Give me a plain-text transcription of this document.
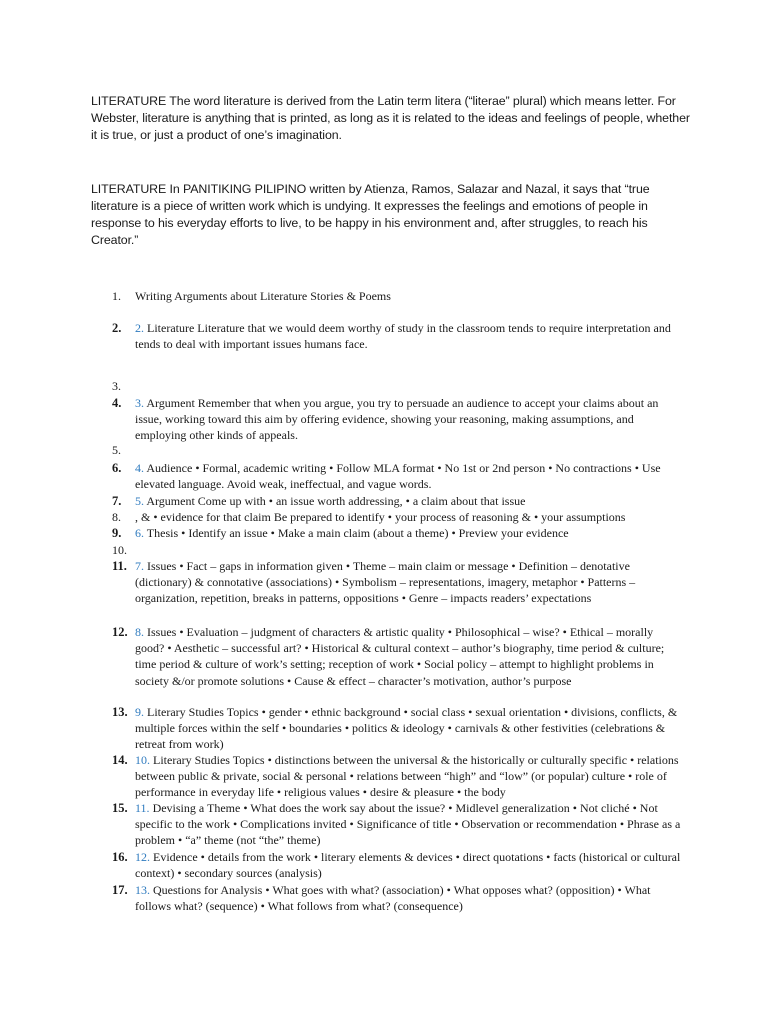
LITERATURE The word literature is derived from the Latin term litera (“literae” plural) which means letter. For Webster, literature is anything that is printed, as long as it is related to the ideas and feelings of people, whether it is true, or just a product of one’s imagination.

LITERATURE In PANITIKING PILIPINO written by Atienza, Ramos, Salazar and Nazal, it says that “true literature is a piece of written work which is undying. It expresses the feelings and emotions of people in response to his everyday efforts to live, to be happy in his environment and, after struggles, to reach his Creator.”

1.	Writing Arguments about Literature Stories & Poems
2.	2. Literature Literature that we would deem worthy of study in the classroom tends to require interpretation and tends to deal with important issues humans face.
3.
4.	3. Argument Remember that when you argue, you try to persuade an audience to accept your claims about an issue, working toward this aim by offering evidence, showing your reasoning, making assumptions, and employing other kinds of appeals.
5.
6.	4. Audience • Formal, academic writing • Follow MLA format • No 1st or 2nd person • No contractions • Use elevated language. Avoid weak, ineffectual, and vague words.
7.	5. Argument Come up with • an issue worth addressing, • a claim about that issue
8.	, & • evidence for that claim Be prepared to identify • your process of reasoning & • your assumptions
9.	6. Thesis • Identify an issue • Make a main claim (about a theme) • Preview your evidence
10.
11. 7. Issues • Fact – gaps in information given • Theme – main claim or message • Definition – denotative (dictionary) & connotative (associations) • Symbolism – representations, imagery, metaphor • Patterns – organization, repetition, breaks in patterns, oppositions • Genre – impacts readers’ expectations
12. 8. Issues • Evaluation – judgment of characters & artistic quality • Philosophical – wise? • Ethical – morally good? • Aesthetic – successful art? • Historical & cultural context – author’s biography, time period & culture; time period & culture of work’s setting; reception of work • Social policy – attempt to highlight problems in society &/or promote solutions • Cause & effect – character’s motivation, author’s purpose
13. 9. Literary Studies Topics • gender • ethnic background • social class • sexual orientation • divisions, conflicts, & multiple forces within the self • boundaries • politics & ideology • carnivals & other festivities (celebrations & retreat from work)
14. 10. Literary Studies Topics • distinctions between the universal & the historically or culturally specific • relations between public & private, social & personal • relations between “high” and “low” (or popular) culture • role of performance in everyday life • religious values • desire & pleasure • the body
15. 11. Devising a Theme • What does the work say about the issue? • Midlevel generalization • Not cliché • Not specific to the work • Complications invited • Significance of title • Observation or recommendation • Phrase as a problem • “a” theme (not “the” theme)
16. 12. Evidence • details from the work • literary elements & devices • direct quotations • facts (historical or cultural context) • secondary sources (analysis)
17. 13. Questions for Analysis • What goes with what? (association) • What opposes what? (opposition) • What follows what? (sequence) • What follows from what? (consequence)
